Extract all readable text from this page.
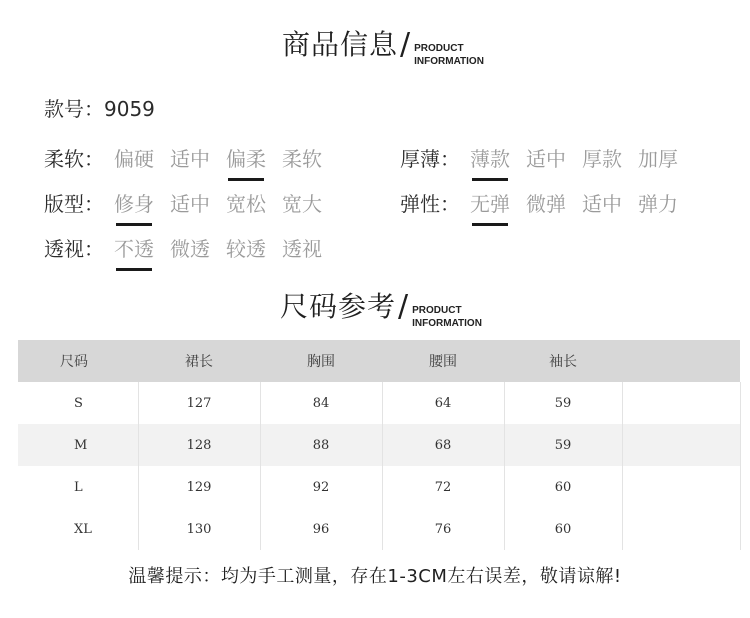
商品信息 / PRODUCT
INFORMATION
款号：9059
柔软： 偏硬 适中 偏柔 柔软	厚薄： 薄款 适中 厚款 加厚
版型： 修身 适中 宽松 宽大	弹性： 无弹 微弹 适中 弹力
透视： 不透 微透 较透 透视
尺码参考 / PRODUCT
INFORMATION
尺码	裙长	胸围	腰围	袖长	
S	127	84	64	59	
M	128	88	68	59	
L	129	92	72	60	
XL	130	96	76	60	
温馨提示：均为手工测量，存在1-3CM左右误差，敬请谅解!
